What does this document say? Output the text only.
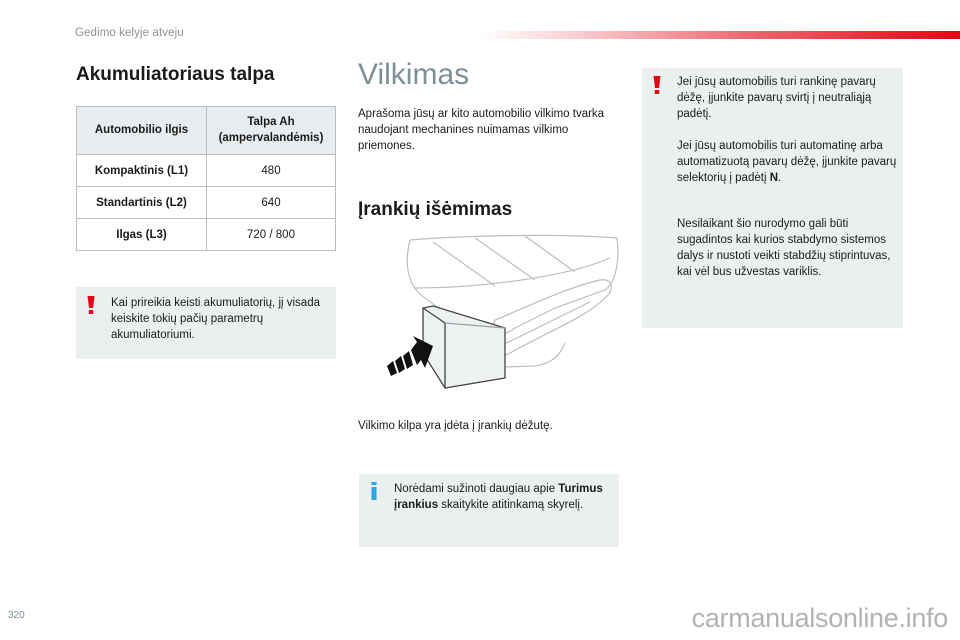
Gedimo kelyje atveju
Akumuliatoriaus talpa
Automobilio ilgis	Talpa Ah
(ampervalandėmis)
Kompaktinis (L1)	480
Standartinis (L2)	640
Ilgas (L3)	720 / 800

Kai prireikia keisti akumuliatorių, jį visada keiskite tokių pačių parametrų akumuliatoriumi.

Vilkimas

Aprašoma jūsų ar kito automobilio vilkimo tvarka naudojant mechanines nuimamas vilkimo priemones.

Įrankių išėmimas

Vilkimo kilpa yra įdėta į įrankių dėžutę.

Norėdami sužinoti daugiau apie Turimus įrankius skaitykite atitinkamą skyrelį.

Jei jūsų automobilis turi rankinę pavarų dėžę, įjunkite pavarų svirtį į neutraliąją padėtį.

Jei jūsų automobilis turi automatinę arba automatizuotą pavarų dėžę, įjunkite pavarų selektorių į padėtį N.

Nesilaikant šio nurodymo gali būti sugadintos kai kurios stabdymo sistemos dalys ir nustoti veikti stabdžių stiprintuvas, kai vėl bus užvestas variklis.

320	carmanualsonline.info
